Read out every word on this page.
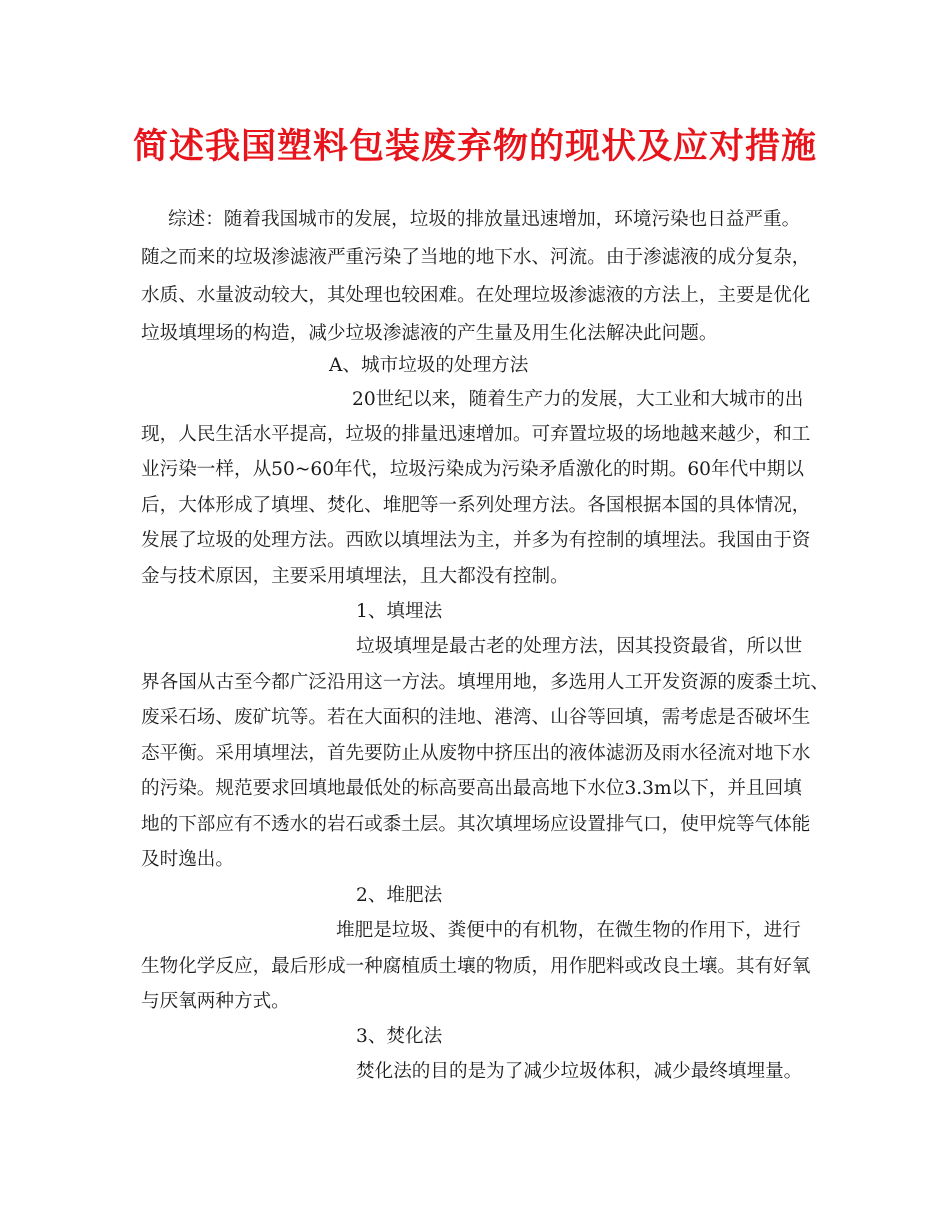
简述我国塑料包装废弃物的现状及应对措施
综述：随着我国城市的发展，垃圾的排放量迅速增加，环境污染也日益严重。
随之而来的垃圾渗滤液严重污染了当地的地下水、河流。由于渗滤液的成分复杂，
水质、水量波动较大，其处理也较困难。在处理垃圾渗滤液的方法上，主要是优化
垃圾填埋场的构造，减少垃圾渗滤液的产生量及用生化法解决此问题。
A、城市垃圾的处理方法
20世纪以来，随着生产力的发展，大工业和大城市的出
现，人民生活水平提高，垃圾的排量迅速增加。可弃置垃圾的场地越来越少，和工
业污染一样，从50~60年代，垃圾污染成为污染矛盾激化的时期。60年代中期以
后，大体形成了填埋、焚化、堆肥等一系列处理方法。各国根据本国的具体情况，
发展了垃圾的处理方法。西欧以填埋法为主，并多为有控制的填埋法。我国由于资
金与技术原因，主要采用填埋法，且大都没有控制。
1、填埋法
垃圾填埋是最古老的处理方法，因其投资最省，所以世
界各国从古至今都广泛沿用这一方法。填埋用地，多选用人工开发资源的废黍土坑、
废采石场、废矿坑等。若在大面积的洼地、港湾、山谷等回填，需考虑是否破坏生
态平衡。采用填埋法，首先要防止从废物中挤压出的液体滤沥及雨水径流对地下水
的污染。规范要求回填地最低处的标高要高出最高地下水位3.3m以下，并且回填
地的下部应有不透水的岩石或黍土层。其次填埋场应设置排气口，使甲烷等气体能
及时逸出。
2、堆肥法
堆肥是垃圾、粪便中的有机物，在微生物的作用下，进行
生物化学反应，最后形成一种腐植质土壤的物质，用作肥料或改良土壤。其有好氧
与厌氧两种方式。
3、焚化法
焚化法的目的是为了减少垃圾体积，减少最终填埋量。
